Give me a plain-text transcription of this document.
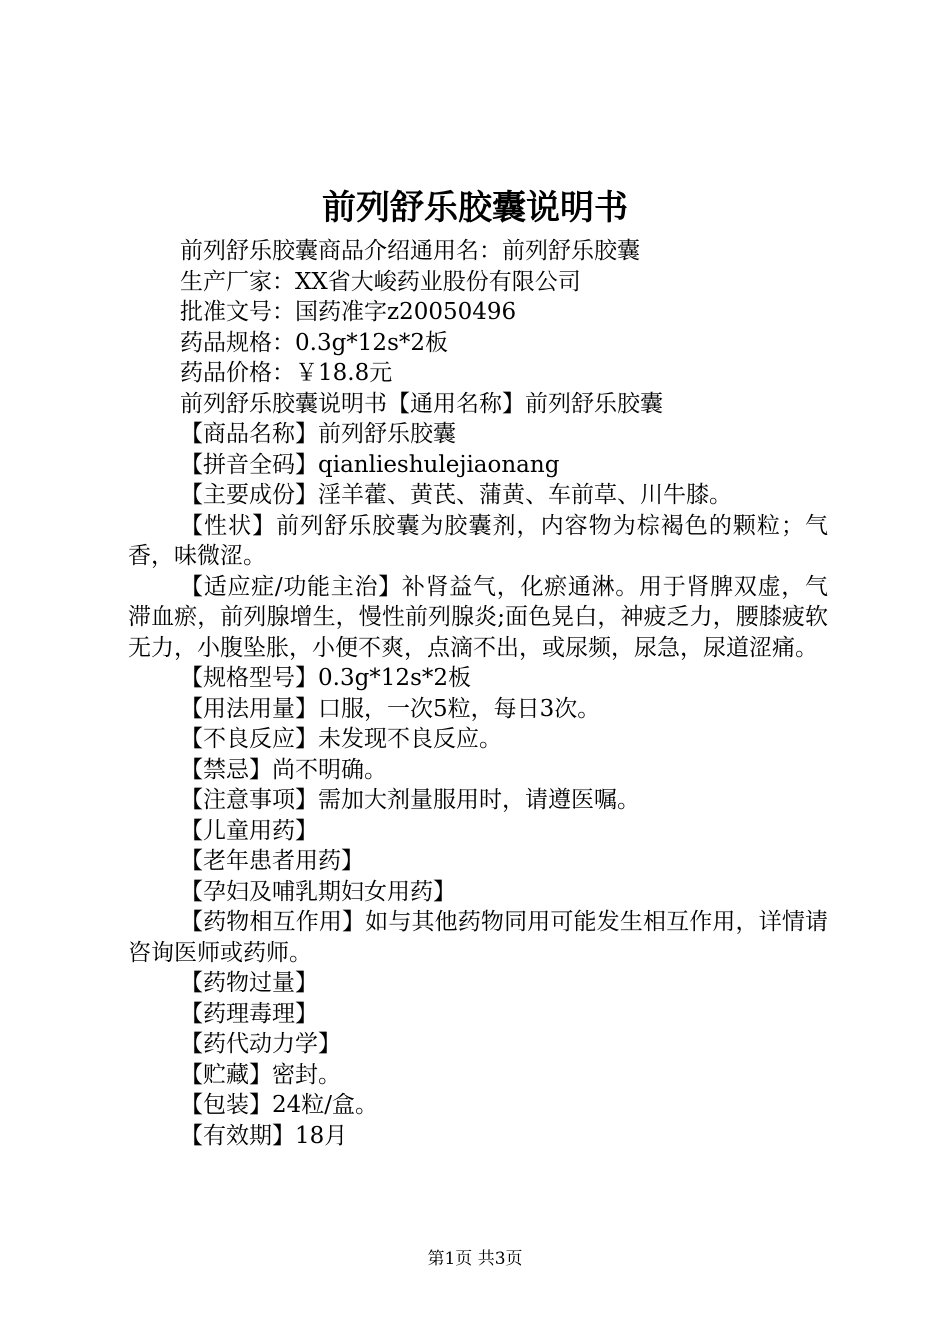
前列舒乐胶囊说明书

前列舒乐胶囊商品介绍通用名：前列舒乐胶囊

生产厂家：XX省大峻药业股份有限公司

批准文号：国药准字z20050496

药品规格：0.3g*12s*2板

药品价格：￥18.8元

前列舒乐胶囊说明书【通用名称】前列舒乐胶囊

【商品名称】前列舒乐胶囊

【拼音全码】qianlieshulejiaonang

【主要成份】淫羊藿、黄芪、蒲黄、车前草、川牛膝。

【性状】前列舒乐胶囊为胶囊剂，内容物为棕褐色的颗粒；气香，味微涩。

【适应症/功能主治】补肾益气，化瘀通淋。用于肾脾双虚，气滞血瘀，前列腺增生，慢性前列腺炎;面色晃白，神疲乏力，腰膝疲软无力，小腹坠胀，小便不爽，点滴不出，或尿频，尿急，尿道涩痛。

【规格型号】0.3g*12s*2板

【用法用量】口服，一次5粒，每日3次。

【不良反应】未发现不良反应。

【禁忌】尚不明确。

【注意事项】需加大剂量服用时，请遵医嘱。

【儿童用药】

【老年患者用药】

【孕妇及哺乳期妇女用药】

【药物相互作用】如与其他药物同用可能发生相互作用，详情请咨询医师或药师。

【药物过量】

【药理毒理】

【药代动力学】

【贮藏】密封。

【包装】24粒/盒。

【有效期】18月

第1页 共3页
